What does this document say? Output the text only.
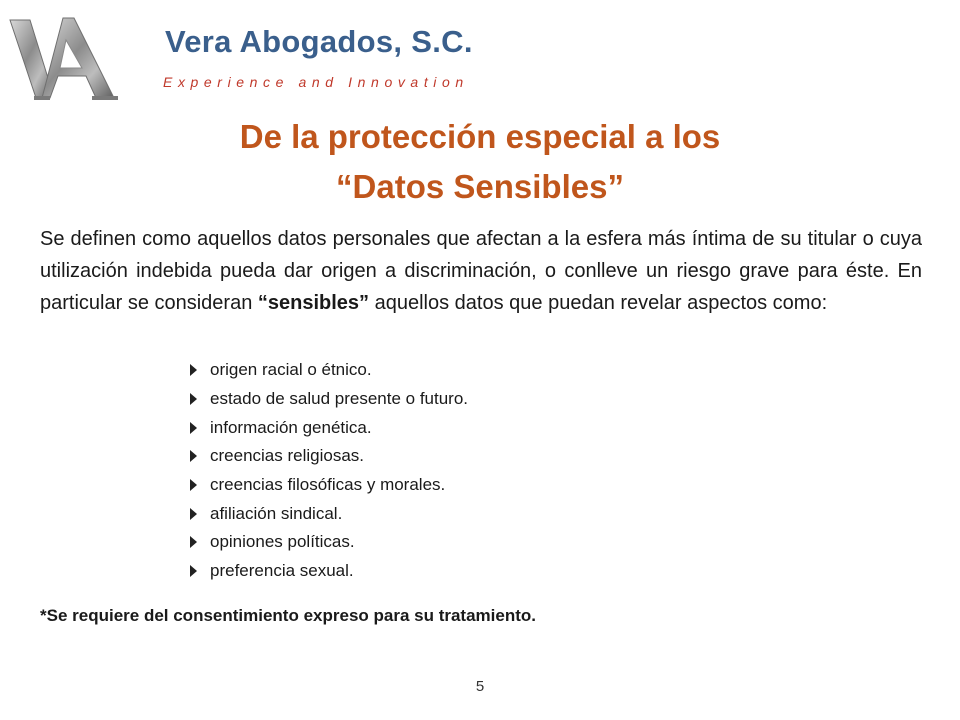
Vera Abogados, S.C.
Experience and Innovation
De la protección especial a los
“Datos Sensibles”

Se definen como aquellos datos personales que afectan a la esfera más íntima de su titular o cuya utilización indebida pueda dar origen a discriminación, o conlleve un riesgo grave para éste. En particular se consideran “sensibles” aquellos datos que puedan revelar aspectos como:

origen racial o étnico.
estado de salud presente o futuro.
información genética.
creencias religiosas.
creencias filosóficas y morales.
afiliación sindical.
opiniones políticas.
preferencia sexual.
*Se requiere del consentimiento expreso para su tratamiento.
5
